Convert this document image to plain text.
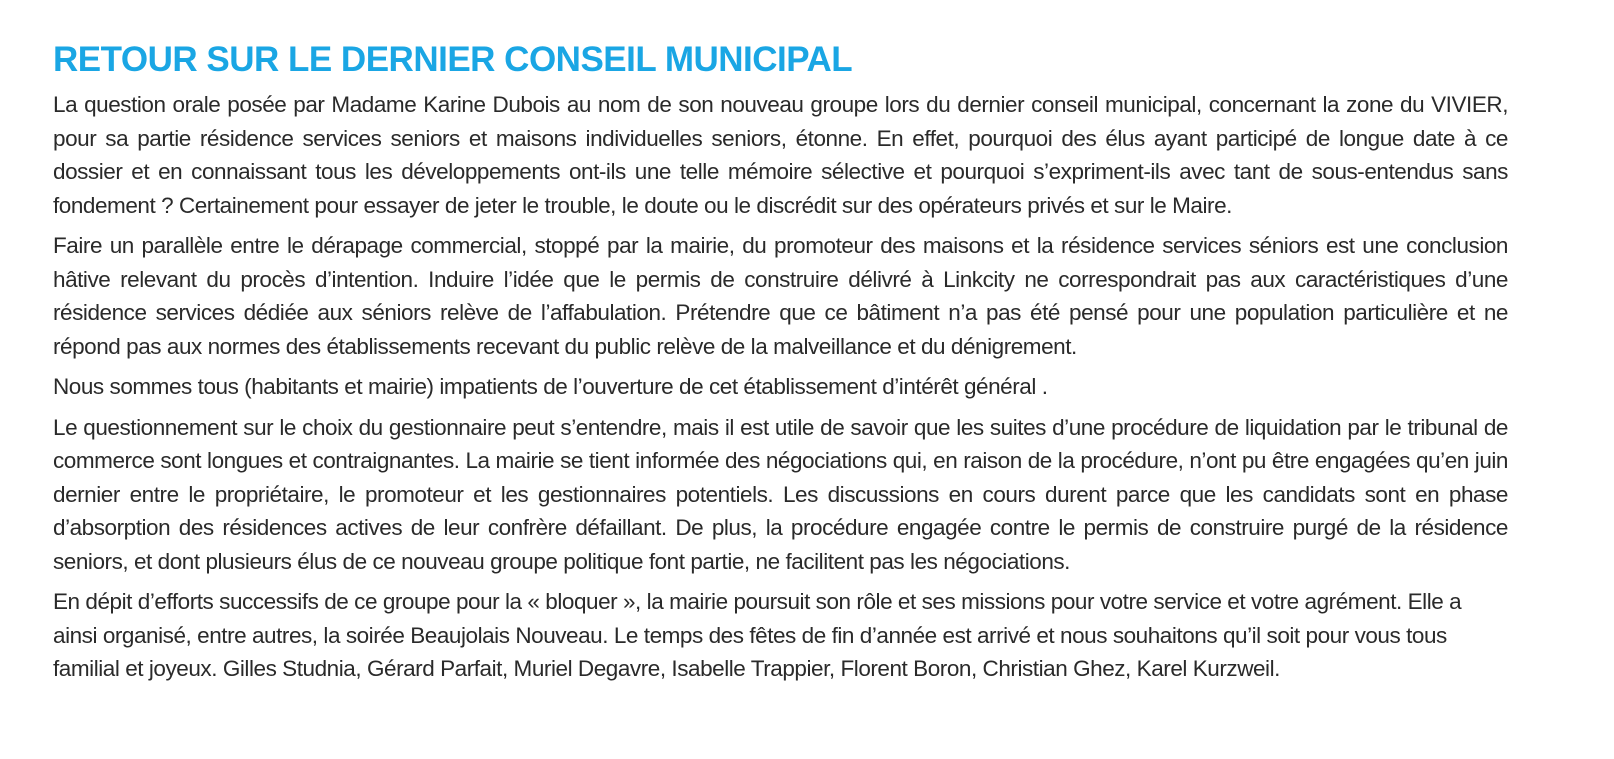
RETOUR SUR LE DERNIER CONSEIL MUNICIPAL

La question orale posée par Madame Karine Dubois au nom de son nouveau groupe lors du dernier conseil municipal, concernant la zone du VIVIER, pour sa partie résidence services seniors et maisons individuelles seniors, étonne. En effet, pourquoi des élus ayant participé de longue date à ce dossier et en connaissant tous les développements ont-ils une telle mémoire sélective et pourquoi s’expriment-ils avec tant de sous-entendus sans fondement ? Certainement pour essayer de jeter le trouble, le doute ou le discrédit sur des opérateurs privés et sur le Maire.

Faire un parallèle entre le dérapage commercial, stoppé par la mairie, du promoteur des maisons et la résidence services séniors est une conclusion hâtive relevant du procès d’intention. Induire l’idée que le permis de construire délivré à Linkcity ne correspondrait pas aux caractéristiques d’une résidence services dédiée aux séniors relève de l’affabulation. Prétendre que ce bâtiment n’a pas été pensé pour une population particulière et ne répond pas aux normes des établissements recevant du public relève de la malveillance et du dénigrement.

Nous sommes tous (habitants et mairie) impatients de l’ouverture de cet établissement d’intérêt général .

Le questionnement sur le choix du gestionnaire peut s’entendre, mais il est utile de savoir que les suites d’une procédure de liquidation par le tribunal de commerce sont longues et contraignantes. La mairie se tient informée des négociations qui, en raison de la procédure, n’ont pu être engagées qu’en juin dernier entre le propriétaire, le promoteur et les gestionnaires potentiels. Les discussions en cours durent parce que les candidats sont en phase d’absorption des résidences actives de leur confrère défaillant. De plus, la procédure engagée contre le permis de construire purgé de la résidence seniors, et dont plusieurs élus de ce nouveau groupe politique font partie, ne facilitent pas les négociations.

En dépit d’efforts successifs de ce groupe pour la « bloquer », la mairie poursuit son rôle et ses missions pour votre service et votre agrément. Elle a ainsi organisé, entre autres, la soirée Beaujolais Nouveau. Le temps des fêtes de fin d’année est arrivé et nous souhaitons qu’il soit pour vous tous familial et joyeux. Gilles Studnia, Gérard Parfait, Muriel Degavre, Isabelle Trappier, Florent Boron, Christian Ghez, Karel Kurzweil.
